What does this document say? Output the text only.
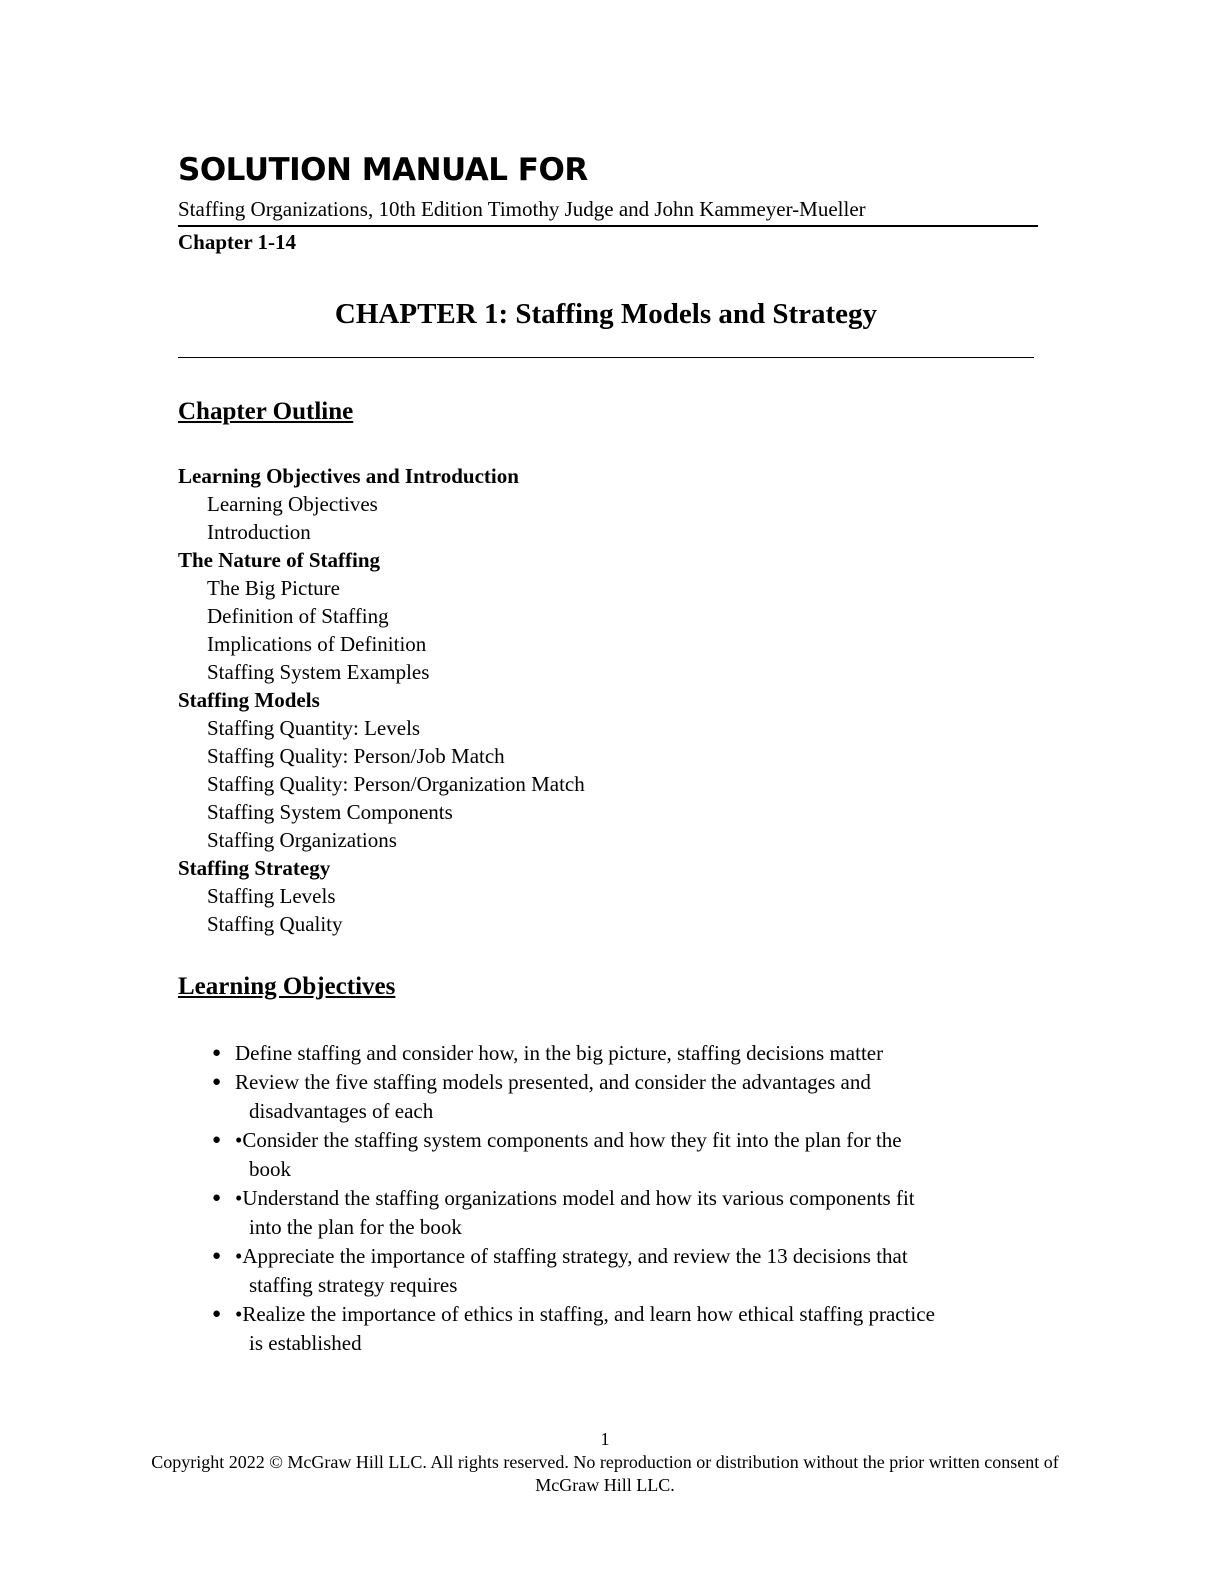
SOLUTION MANUAL FOR
Staffing Organizations, 10th Edition Timothy Judge and John Kammeyer-Mueller
Chapter 1-14
CHAPTER 1: Staffing Models and Strategy
Chapter Outline
Learning Objectives and Introduction
Learning Objectives
Introduction
The Nature of Staffing
The Big Picture
Definition of Staffing
Implications of Definition
Staffing System Examples
Staffing Models
Staffing Quantity: Levels
Staffing Quality: Person/Job Match
Staffing Quality: Person/Organization Match
Staffing System Components
Staffing Organizations
Staffing Strategy
Staffing Levels
Staffing Quality
Learning Objectives
● Define staffing and consider how, in the big picture, staffing decisions matter
● Review the five staffing models presented, and consider the advantages and
disadvantages of each
● •Consider the staffing system components and how they fit into the plan for the
book
● •Understand the staffing organizations model and how its various components fit
into the plan for the book
● •Appreciate the importance of staffing strategy, and review the 13 decisions that
staffing strategy requires
● •Realize the importance of ethics in staffing, and learn how ethical staffing practice
is established
1
Copyright 2022 © McGraw Hill LLC. All rights reserved. No reproduction or distribution without the prior written consent of McGraw Hill LLC.
